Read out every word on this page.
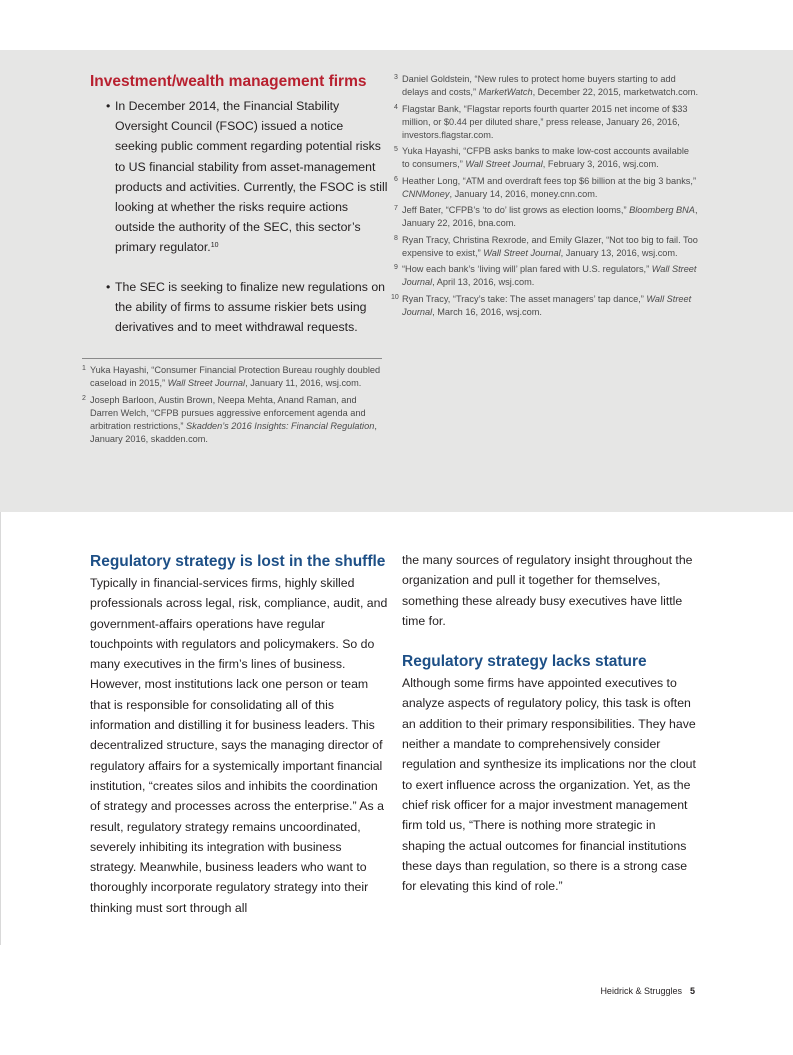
Investment/wealth management firms
• In December 2014, the Financial Stability Oversight Council (FSOC) issued a notice seeking public comment regarding potential risks to US financial stability from asset-management products and activities. Currently, the FSOC is still looking at whether the risks require actions outside the authority of the SEC, this sector’s primary regulator.$^{10}$
• The SEC is seeking to finalize new regulations on the ability of firms to assume riskier bets using derivatives and to meet withdrawal requests.
1 Yuka Hayashi, “Consumer Financial Protection Bureau roughly doubled caseload in 2015,” Wall Street Journal, January 11, 2016, wsj.com.
2 Joseph Barloon, Austin Brown, Neepa Mehta, Anand Raman, and Darren Welch, “CFPB pursues aggressive enforcement agenda and arbitration restrictions,” Skadden’s 2016 Insights: Financial Regulation, January 2016, skadden.com.
3 Daniel Goldstein, “New rules to protect home buyers starting to add delays and costs,” MarketWatch, December 22, 2015, marketwatch.com.
4 Flagstar Bank, “Flagstar reports fourth quarter 2015 net income of $33 million, or $0.44 per diluted share,” press release, January 26, 2016, investors.flagstar.com.
5 Yuka Hayashi, “CFPB asks banks to make low-cost accounts available to consumers,” Wall Street Journal, February 3, 2016, wsj.com.
6 Heather Long, “ATM and overdraft fees top $6 billion at the big 3 banks,” CNNMoney, January 14, 2016, money.cnn.com.
7 Jeff Bater, “CFPB’s ‘to do’ list grows as election looms,” Bloomberg BNA, January 22, 2016, bna.com.
8 Ryan Tracy, Christina Rexrode, and Emily Glazer, “Not too big to fail. Too expensive to exist,” Wall Street Journal, January 13, 2016, wsj.com.
9 “How each bank’s ‘living will’ plan fared with U.S. regulators,” Wall Street Journal, April 13, 2016, wsj.com.
10 Ryan Tracy, “Tracy’s take: The asset managers’ tap dance,” Wall Street Journal, March 16, 2016, wsj.com.
Regulatory strategy is lost in the shuffle

Typically in financial-services firms, highly skilled professionals across legal, risk, compliance, audit, and government-affairs operations have regular touchpoints with regulators and policymakers. So do many executives in the firm’s lines of business. However, most institutions lack one person or team that is responsible for consolidating all of this information and distilling it for business leaders. This decentralized structure, says the managing director of regulatory affairs for a systemically important financial institution, “creates silos and inhibits the coordination of strategy and processes across the enterprise.” As a result, regulatory strategy remains uncoordinated, severely inhibiting its integration with business strategy. Meanwhile, business leaders who want to thoroughly incorporate regulatory strategy into their thinking must sort through all

the many sources of regulatory insight throughout the organization and pull it together for themselves, something these already busy executives have little time for.

Regulatory strategy lacks stature

Although some firms have appointed executives to analyze aspects of regulatory policy, this task is often an addition to their primary responsibilities. They have neither a mandate to comprehensively consider regulation and synthesize its implications nor the clout to exert influence across the organization. Yet, as the chief risk officer for a major investment management firm told us, “There is nothing more strategic in shaping the actual outcomes for financial institutions these days than regulation, so there is a strong case for elevating this kind of role.”

Heidrick & Struggles 5
